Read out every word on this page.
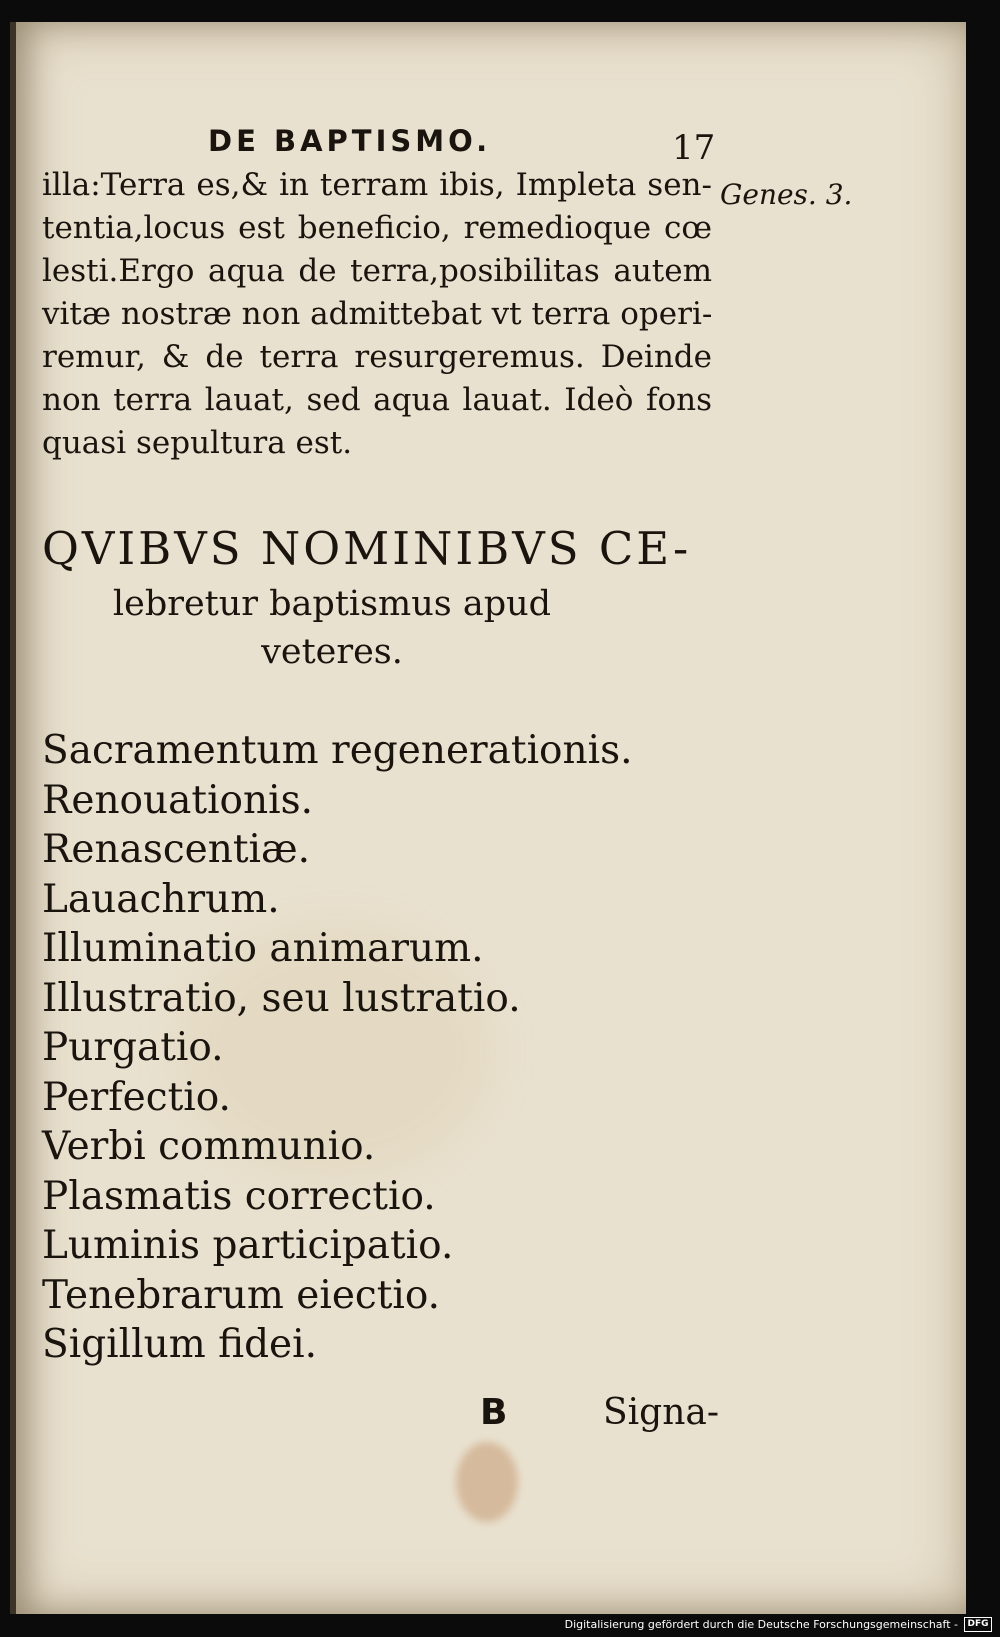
DE BAPTISMO.	17
Genes. 3.
illa:Terra es,& in terram ibis, Impleta sen-
tentia,locus est beneficio, remedioque cœ
lesti.Ergo aqua de terra,posibilitas autem
vitæ nostræ non admittebat vt terra operi-
remur, & de terra resurgeremus. Deinde
non terra lauat, sed aqua lauat. Ideò fons
quasi sepultura est.
QVIBVS NOMINIBVS CE-
lebretur baptismus apud
veteres.
Sacramentum regenerationis.
Renouationis.
Renascentiæ.
Lauachrum.
Illuminatio animarum.
Illustratio, seu lustratio.
Purgatio.
Perfectio.
Verbi communio.
Plasmatis correctio.
Luminis participatio.
Tenebrarum eiectio.
Sigillum fidei.
B	Signa-
Digitalisierung gefördert durch die Deutsche Forschungsgemeinschaft -	DFG
